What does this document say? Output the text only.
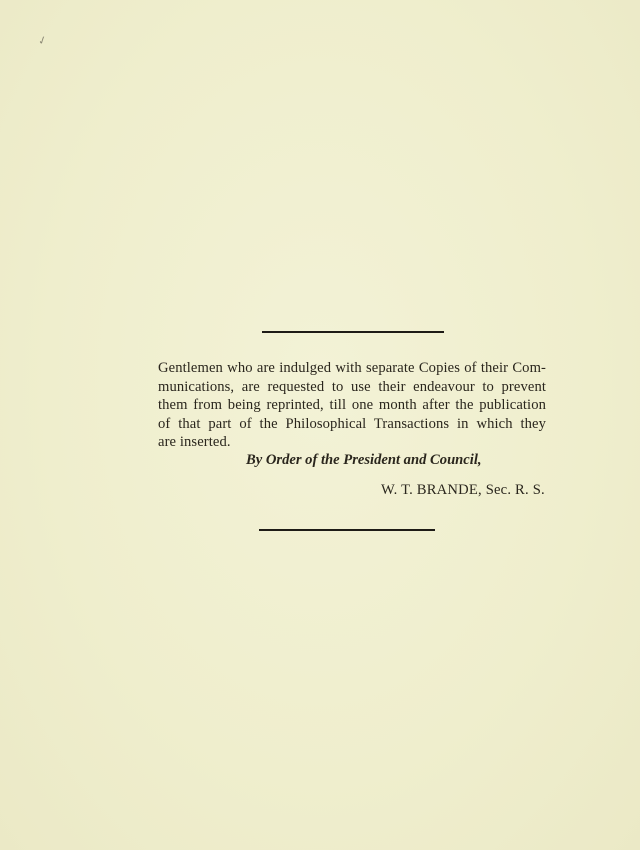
✓
Gentlemen who are indulged with separate Copies of their Com-
munications, are requested to use their endeavour to prevent
them from being reprinted, till one month after the publication
of that part of the Philosophical Transactions in which they
are inserted.
By Order of the President and Council,
W. T. BRANDE, Sec. R. S.
